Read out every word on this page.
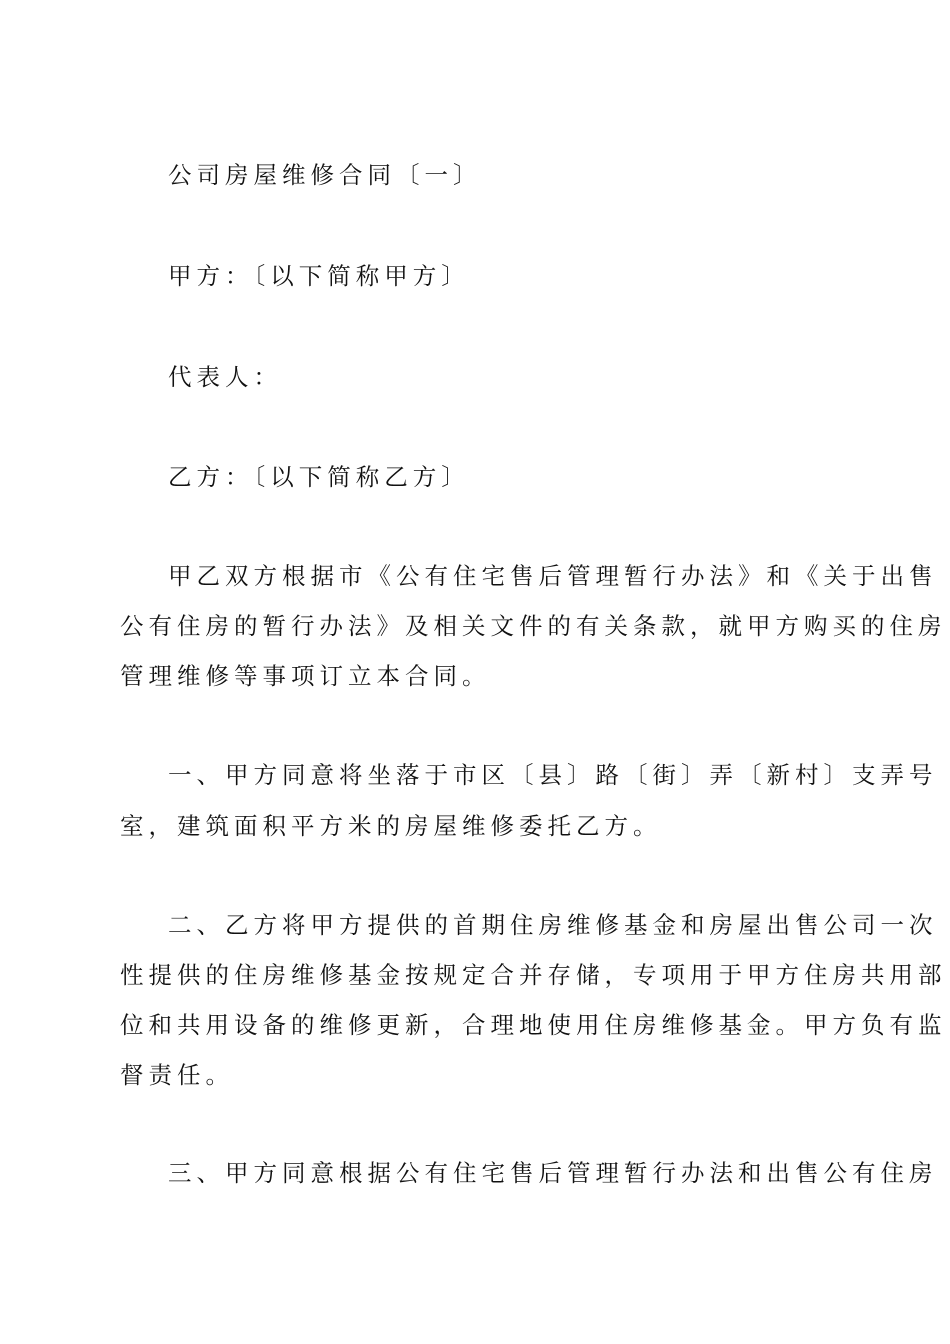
公司房屋维修合同〔一〕
甲方：〔以下简称甲方〕
代表人：
乙方：〔以下简称乙方〕
甲乙双方根据市《公有住宅售后管理暂行办法》和《关于出售
公有住房的暂行办法》及相关文件的有关条款，就甲方购买的住房
管理维修等事项订立本合同。
一、甲方同意将坐落于市区〔县〕路〔街〕弄〔新村〕支弄号
室，建筑面积平方米的房屋维修委托乙方。
二、乙方将甲方提供的首期住房维修基金和房屋出售公司一次
性提供的住房维修基金按规定合并存储，专项用于甲方住房共用部
位和共用设备的维修更新，合理地使用住房维修基金。甲方负有监
督责任。
三、甲方同意根据公有住宅售后管理暂行办法和出售公有住房
